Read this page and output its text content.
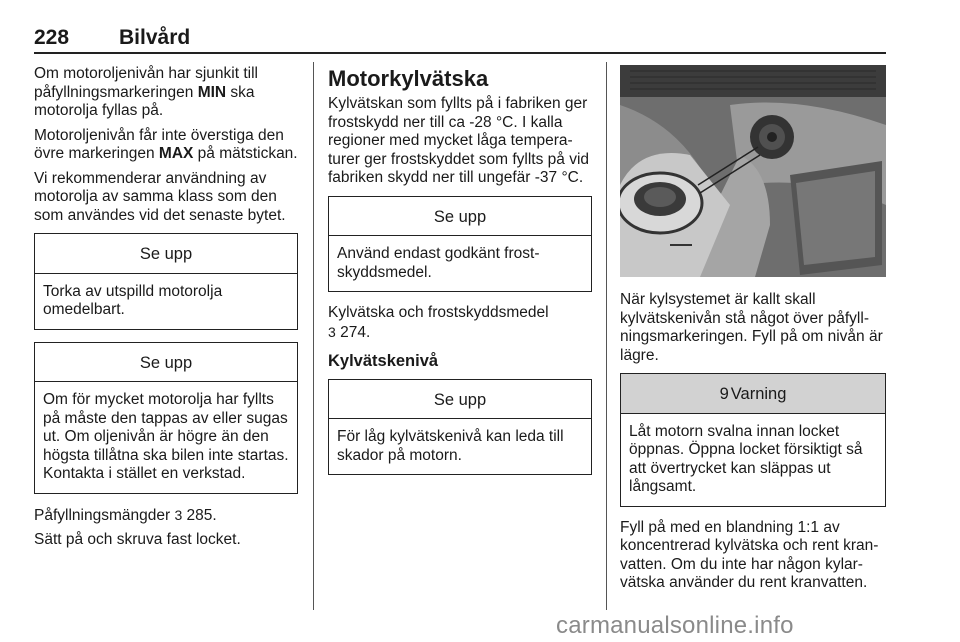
228 Bilvård

Om motoroljenivån har sjunkit till påfyllningsmarkeringen MIN ska motorolja fyllas på.

Motoroljenivån får inte överstiga den övre markeringen MAX på mätstickan.

Vi rekommenderar användning av motorolja av samma klass som den som användes vid det senaste bytet.

Se upp
Torka av utspilld motorolja omedelbart.
Se upp
Om för mycket motorolja har fyllts på måste den tappas av eller sugas ut. Om oljenivån är högre än den högsta tillåtna ska bilen inte startas. Kontakta i stället en verkstad.

Påfyllningsmängder 3 285.

Sätt på och skruva fast locket.

Motorkylvätska

Kylvätskan som fyllts på i fabriken ger frostskydd ner till ca -28 °C. I kalla regioner med mycket låga tempera-turer ger frostskyddet som fyllts på vid fabriken skydd ner till ungefär -37 °C.

Se upp
Använd endast godkänt frost-skyddsmedel.

Kylvätska och frostskyddsmedel
3 274.

Kylvätskenivå
Se upp
För låg kylvätskenivå kan leda till skador på motorn.

När kylsystemet är kallt skall kylvätskenivån stå något över påfyll-ningsmarkeringen. Fyll på om nivån är lägre.

9 Varning
Låt motorn svalna innan locket öppnas. Öppna locket försiktigt så att övertrycket kan släppas ut långsamt.

Fyll på med en blandning 1:1 av koncentrerad kylvätska och rent kran-vatten. Om du inte har någon kylar-vätska använder du rent kranvatten.

carmanualsonline.info
